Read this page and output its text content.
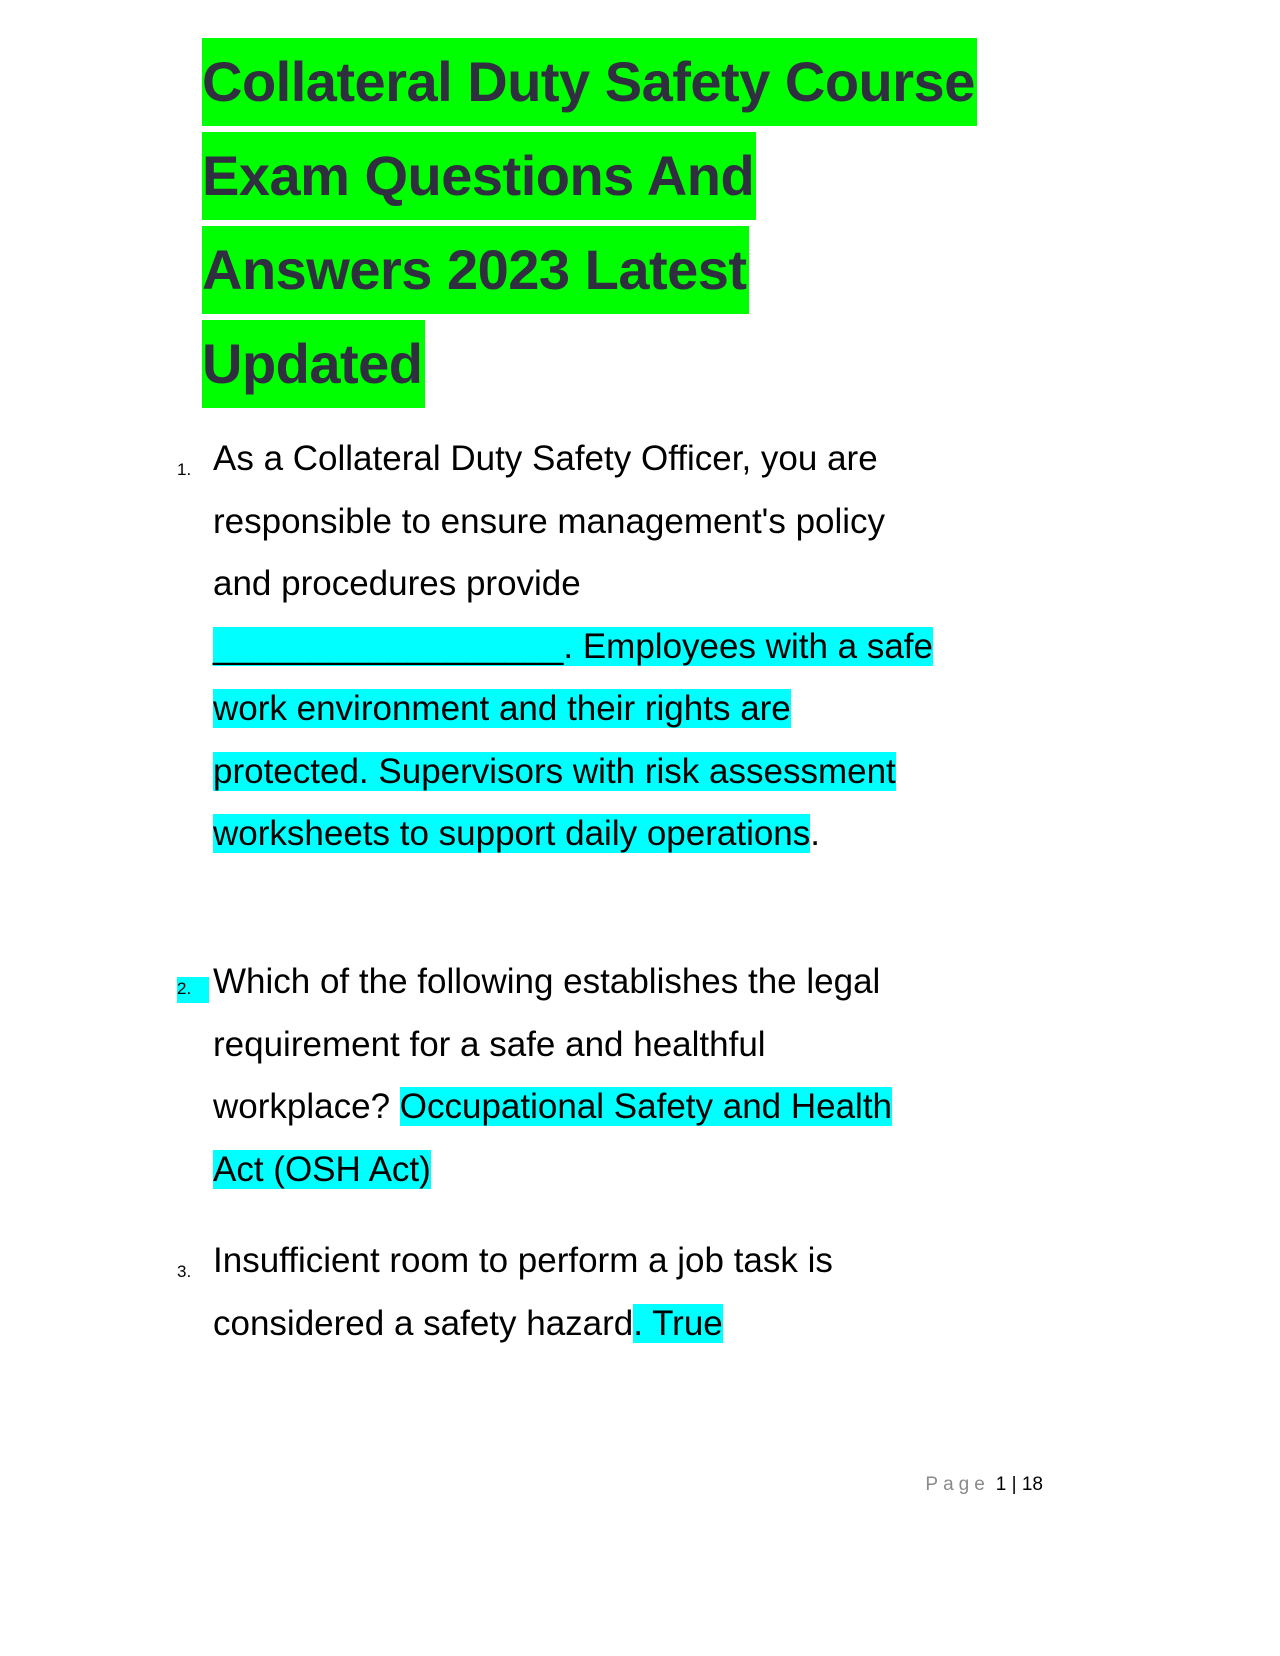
Collateral Duty Safety Course
Exam Questions And
Answers 2023 Latest
Updated
1. As a Collateral Duty Safety Officer, you are
responsible to ensure management's policy
and procedures provide
__________________. Employees with a safe
work environment and their rights are
protected. Supervisors with risk assessment
worksheets to support daily operations.
2. Which of the following establishes the legal
requirement for a safe and healthful
workplace? Occupational Safety and Health
Act (OSH Act)
3. Insufficient room to perform a job task is
considered a safety hazard. True
Page 1 | 18
